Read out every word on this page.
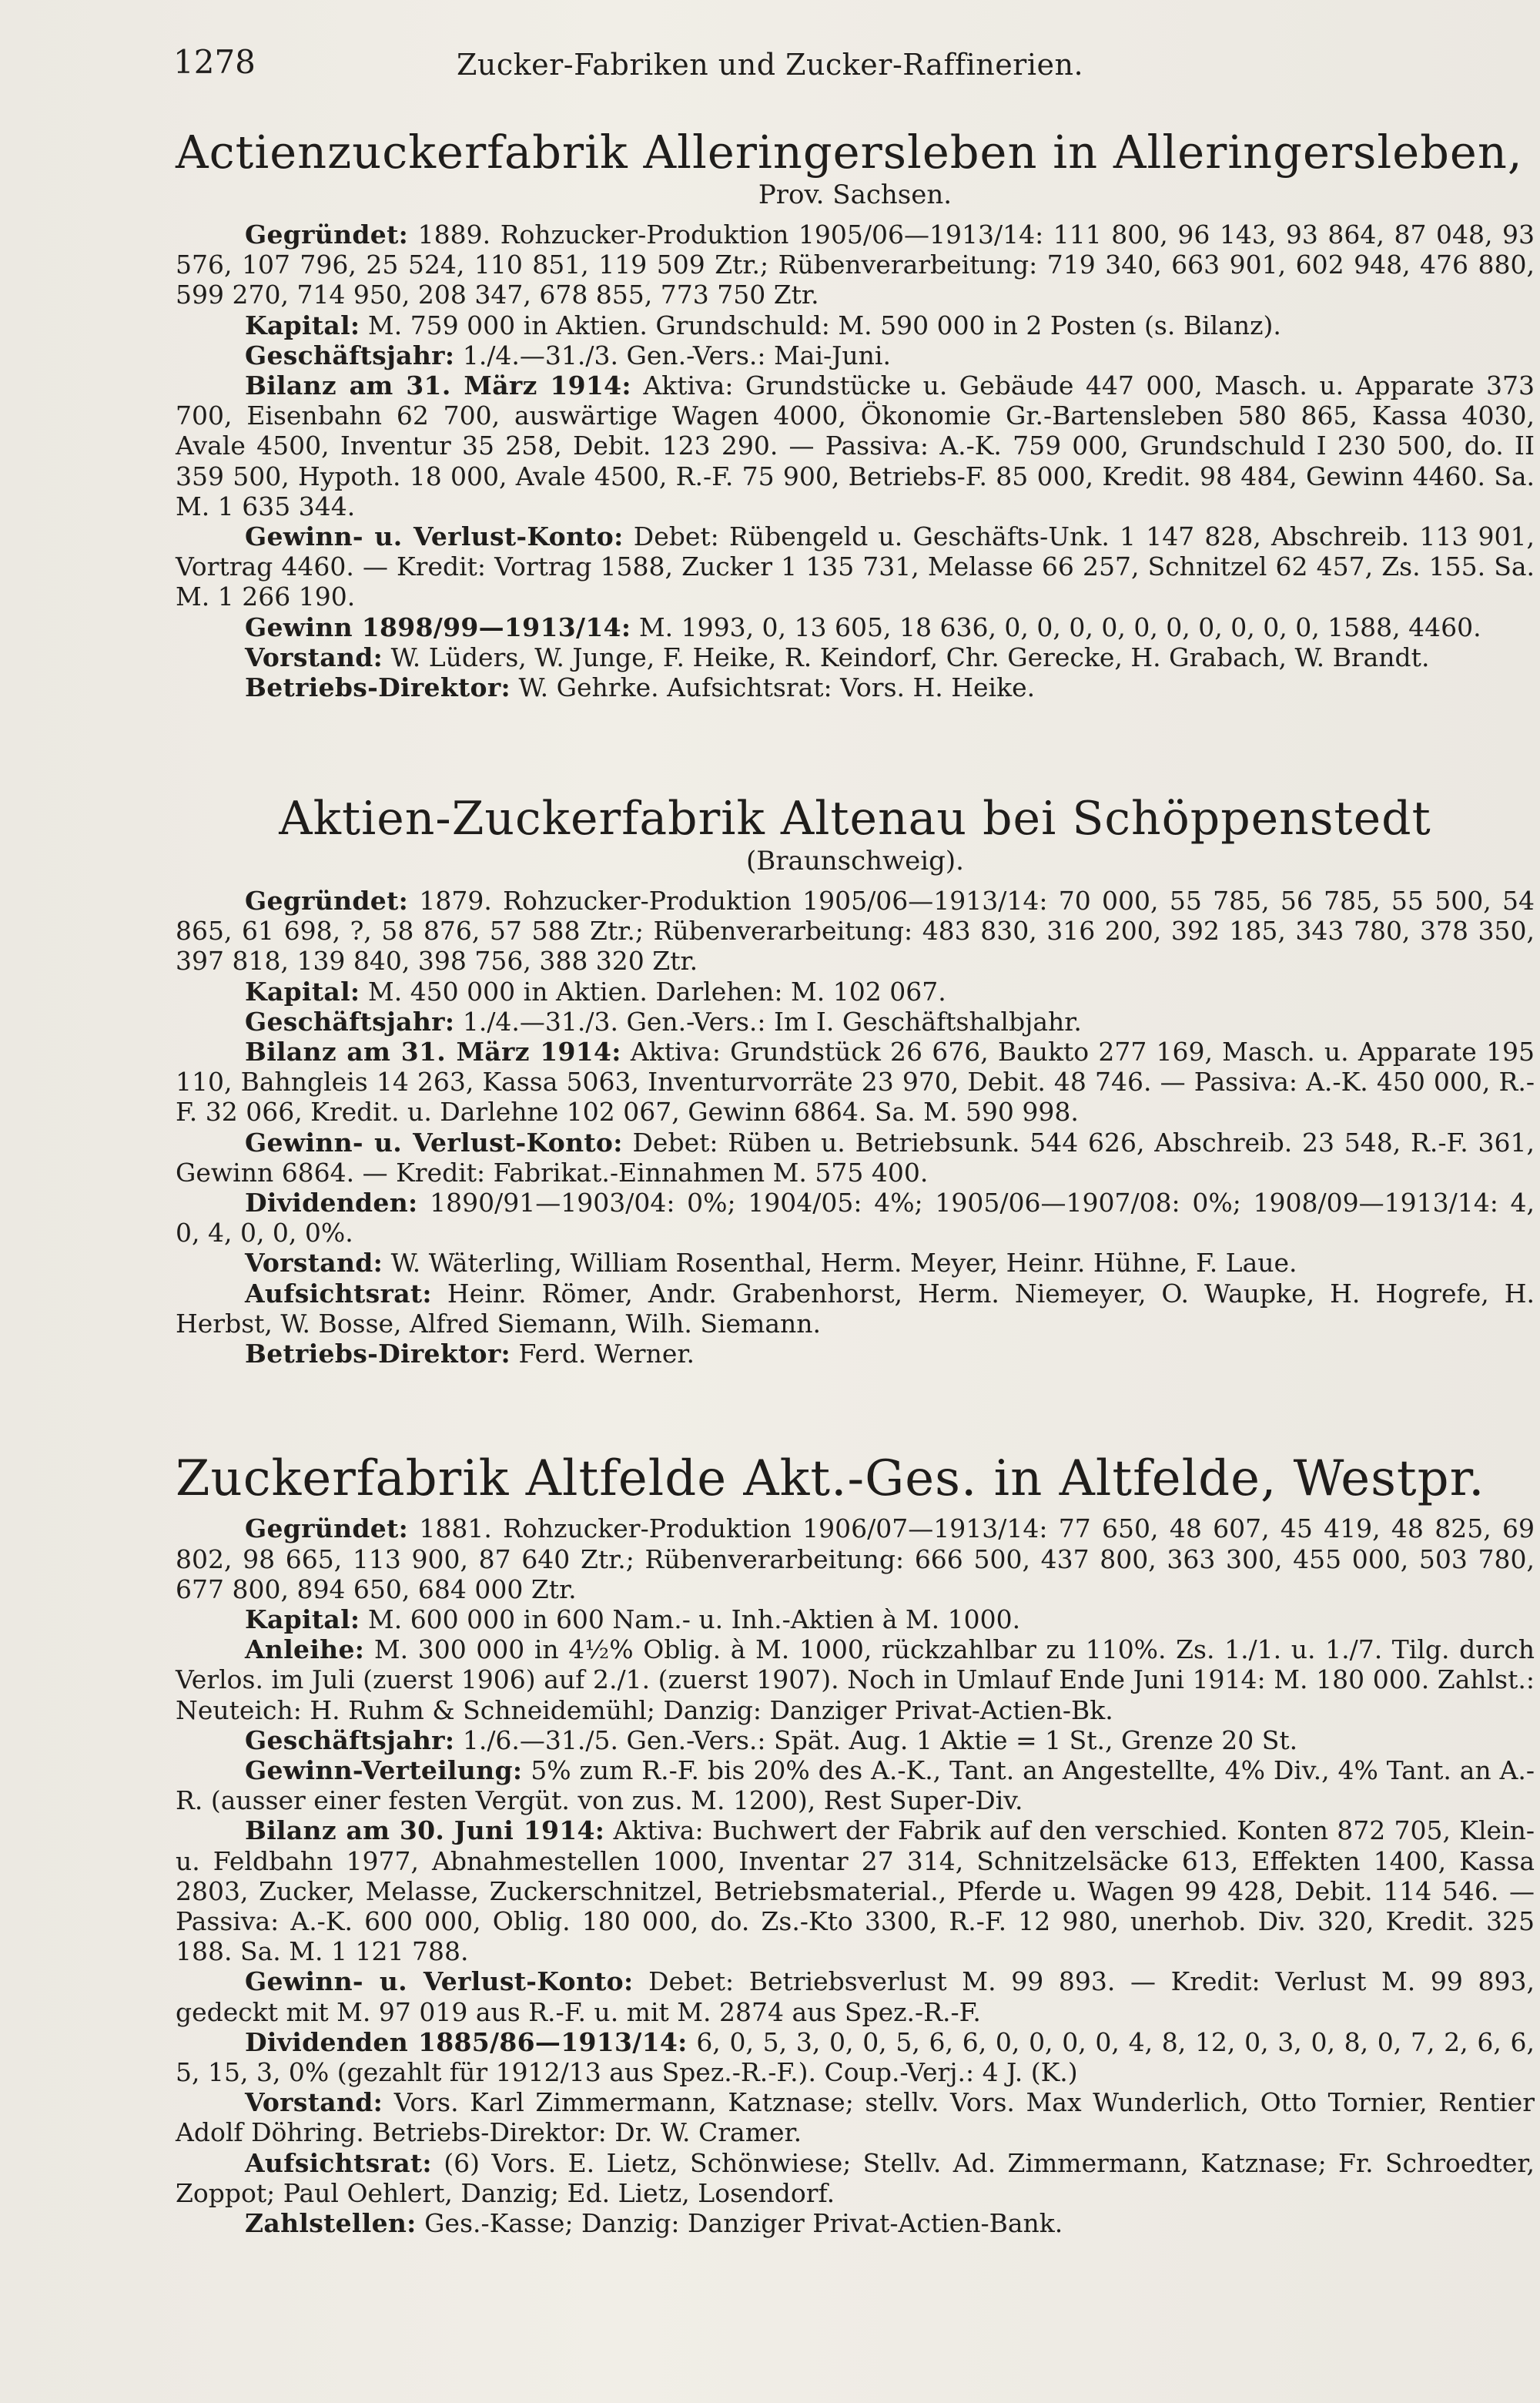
1278	Zucker-Fabriken und Zucker-Raffinerien.
Actienzuckerfabrik Alleringersleben in Alleringersleben,
Prov. Sachsen.

Gegründet: 1889. Rohzucker-Produktion 1905/06—1913/14: 111 800, 96 143, 93 864, 87 048, 93 576, 107 796, 25 524, 110 851, 119 509 Ztr.; Rübenverarbeitung: 719 340, 663 901, 602 948, 476 880, 599 270, 714 950, 208 347, 678 855, 773 750 Ztr.

Kapital: M. 759 000 in Aktien. Grundschuld: M. 590 000 in 2 Posten (s. Bilanz).

Geschäftsjahr: 1./4.—31./3. Gen.-Vers.: Mai-Juni.

Bilanz am 31. März 1914: Aktiva: Grundstücke u. Gebäude 447 000, Masch. u. Apparate 373 700, Eisenbahn 62 700, auswärtige Wagen 4000, Ökonomie Gr.-Bartensleben 580 865, Kassa 4030, Avale 4500, Inventur 35 258, Debit. 123 290. — Passiva: A.-K. 759 000, Grundschuld I 230 500, do. II 359 500, Hypoth. 18 000, Avale 4500, R.-F. 75 900, Betriebs-F. 85 000, Kredit. 98 484, Gewinn 4460. Sa. M. 1 635 344.

Gewinn- u. Verlust-Konto: Debet: Rübengeld u. Geschäfts-Unk. 1 147 828, Abschreib. 113 901, Vortrag 4460. — Kredit: Vortrag 1588, Zucker 1 135 731, Melasse 66 257, Schnitzel 62 457, Zs. 155. Sa. M. 1 266 190.

Gewinn 1898/99—1913/14: M. 1993, 0, 13 605, 18 636, 0, 0, 0, 0, 0, 0, 0, 0, 0, 0, 1588, 4460.

Vorstand: W. Lüders, W. Junge, F. Heike, R. Keindorf, Chr. Gerecke, H. Grabach, W. Brandt.

Betriebs-Direktor: W. Gehrke. Aufsichtsrat: Vors. H. Heike.

Aktien-Zuckerfabrik Altenau bei Schöppenstedt
(Braunschweig).

Gegründet: 1879. Rohzucker-Produktion 1905/06—1913/14: 70 000, 55 785, 56 785, 55 500, 54 865, 61 698, ?, 58 876, 57 588 Ztr.; Rübenverarbeitung: 483 830, 316 200, 392 185, 343 780, 378 350, 397 818, 139 840, 398 756, 388 320 Ztr.

Kapital: M. 450 000 in Aktien. Darlehen: M. 102 067.

Geschäftsjahr: 1./4.—31./3. Gen.-Vers.: Im I. Geschäftshalbjahr.

Bilanz am 31. März 1914: Aktiva: Grundstück 26 676, Baukto 277 169, Masch. u. Apparate 195 110, Bahngleis 14 263, Kassa 5063, Inventurvorräte 23 970, Debit. 48 746. — Passiva: A.-K. 450 000, R.-F. 32 066, Kredit. u. Darlehne 102 067, Gewinn 6864. Sa. M. 590 998.

Gewinn- u. Verlust-Konto: Debet: Rüben u. Betriebsunk. 544 626, Abschreib. 23 548, R.-F. 361, Gewinn 6864. — Kredit: Fabrikat.-Einnahmen M. 575 400.

Dividenden: 1890/91—1903/04: 0%; 1904/05: 4%; 1905/06—1907/08: 0%; 1908/09—1913/14: 4, 0, 4, 0, 0, 0%.

Vorstand: W. Wäterling, William Rosenthal, Herm. Meyer, Heinr. Hühne, F. Laue.

Aufsichtsrat: Heinr. Römer, Andr. Grabenhorst, Herm. Niemeyer, O. Waupke, H. Hogrefe, H. Herbst, W. Bosse, Alfred Siemann, Wilh. Siemann.

Betriebs-Direktor: Ferd. Werner.

Zuckerfabrik Altfelde Akt.-Ges. in Altfelde, Westpr.

Gegründet: 1881. Rohzucker-Produktion 1906/07—1913/14: 77 650, 48 607, 45 419, 48 825, 69 802, 98 665, 113 900, 87 640 Ztr.; Rübenverarbeitung: 666 500, 437 800, 363 300, 455 000, 503 780, 677 800, 894 650, 684 000 Ztr.

Kapital: M. 600 000 in 600 Nam.- u. Inh.-Aktien à M. 1000.

Anleihe: M. 300 000 in 4½% Oblig. à M. 1000, rückzahlbar zu 110%. Zs. 1./1. u. 1./7. Tilg. durch Verlos. im Juli (zuerst 1906) auf 2./1. (zuerst 1907). Noch in Umlauf Ende Juni 1914: M. 180 000. Zahlst.: Neuteich: H. Ruhm & Schneidemühl; Danzig: Danziger Privat-Actien-Bk.

Geschäftsjahr: 1./6.—31./5. Gen.-Vers.: Spät. Aug. 1 Aktie = 1 St., Grenze 20 St.

Gewinn-Verteilung: 5% zum R.-F. bis 20% des A.-K., Tant. an Angestellte, 4% Div., 4% Tant. an A.-R. (ausser einer festen Vergüt. von zus. M. 1200), Rest Super-Div.

Bilanz am 30. Juni 1914: Aktiva: Buchwert der Fabrik auf den verschied. Konten 872 705, Klein- u. Feldbahn 1977, Abnahmestellen 1000, Inventar 27 314, Schnitzelsäcke 613, Effekten 1400, Kassa 2803, Zucker, Melasse, Zuckerschnitzel, Betriebsmaterial., Pferde u. Wagen 99 428, Debit. 114 546. — Passiva: A.-K. 600 000, Oblig. 180 000, do. Zs.-Kto 3300, R.-F. 12 980, unerhob. Div. 320, Kredit. 325 188. Sa. M. 1 121 788.

Gewinn- u. Verlust-Konto: Debet: Betriebsverlust M. 99 893. — Kredit: Verlust M. 99 893, gedeckt mit M. 97 019 aus R.-F. u. mit M. 2874 aus Spez.-R.-F.

Dividenden 1885/86—1913/14: 6, 0, 5, 3, 0, 0, 5, 6, 6, 0, 0, 0, 0, 4, 8, 12, 0, 3, 0, 8, 0, 7, 2, 6, 6, 5, 15, 3, 0% (gezahlt für 1912/13 aus Spez.-R.-F.). Coup.-Verj.: 4 J. (K.)

Vorstand: Vors. Karl Zimmermann, Katznase; stellv. Vors. Max Wunderlich, Otto Tornier, Rentier Adolf Döhring. Betriebs-Direktor: Dr. W. Cramer.

Aufsichtsrat: (6) Vors. E. Lietz, Schönwiese; Stellv. Ad. Zimmermann, Katznase; Fr. Schroedter, Zoppot; Paul Oehlert, Danzig; Ed. Lietz, Losendorf.

Zahlstellen: Ges.-Kasse; Danzig: Danziger Privat-Actien-Bank.
